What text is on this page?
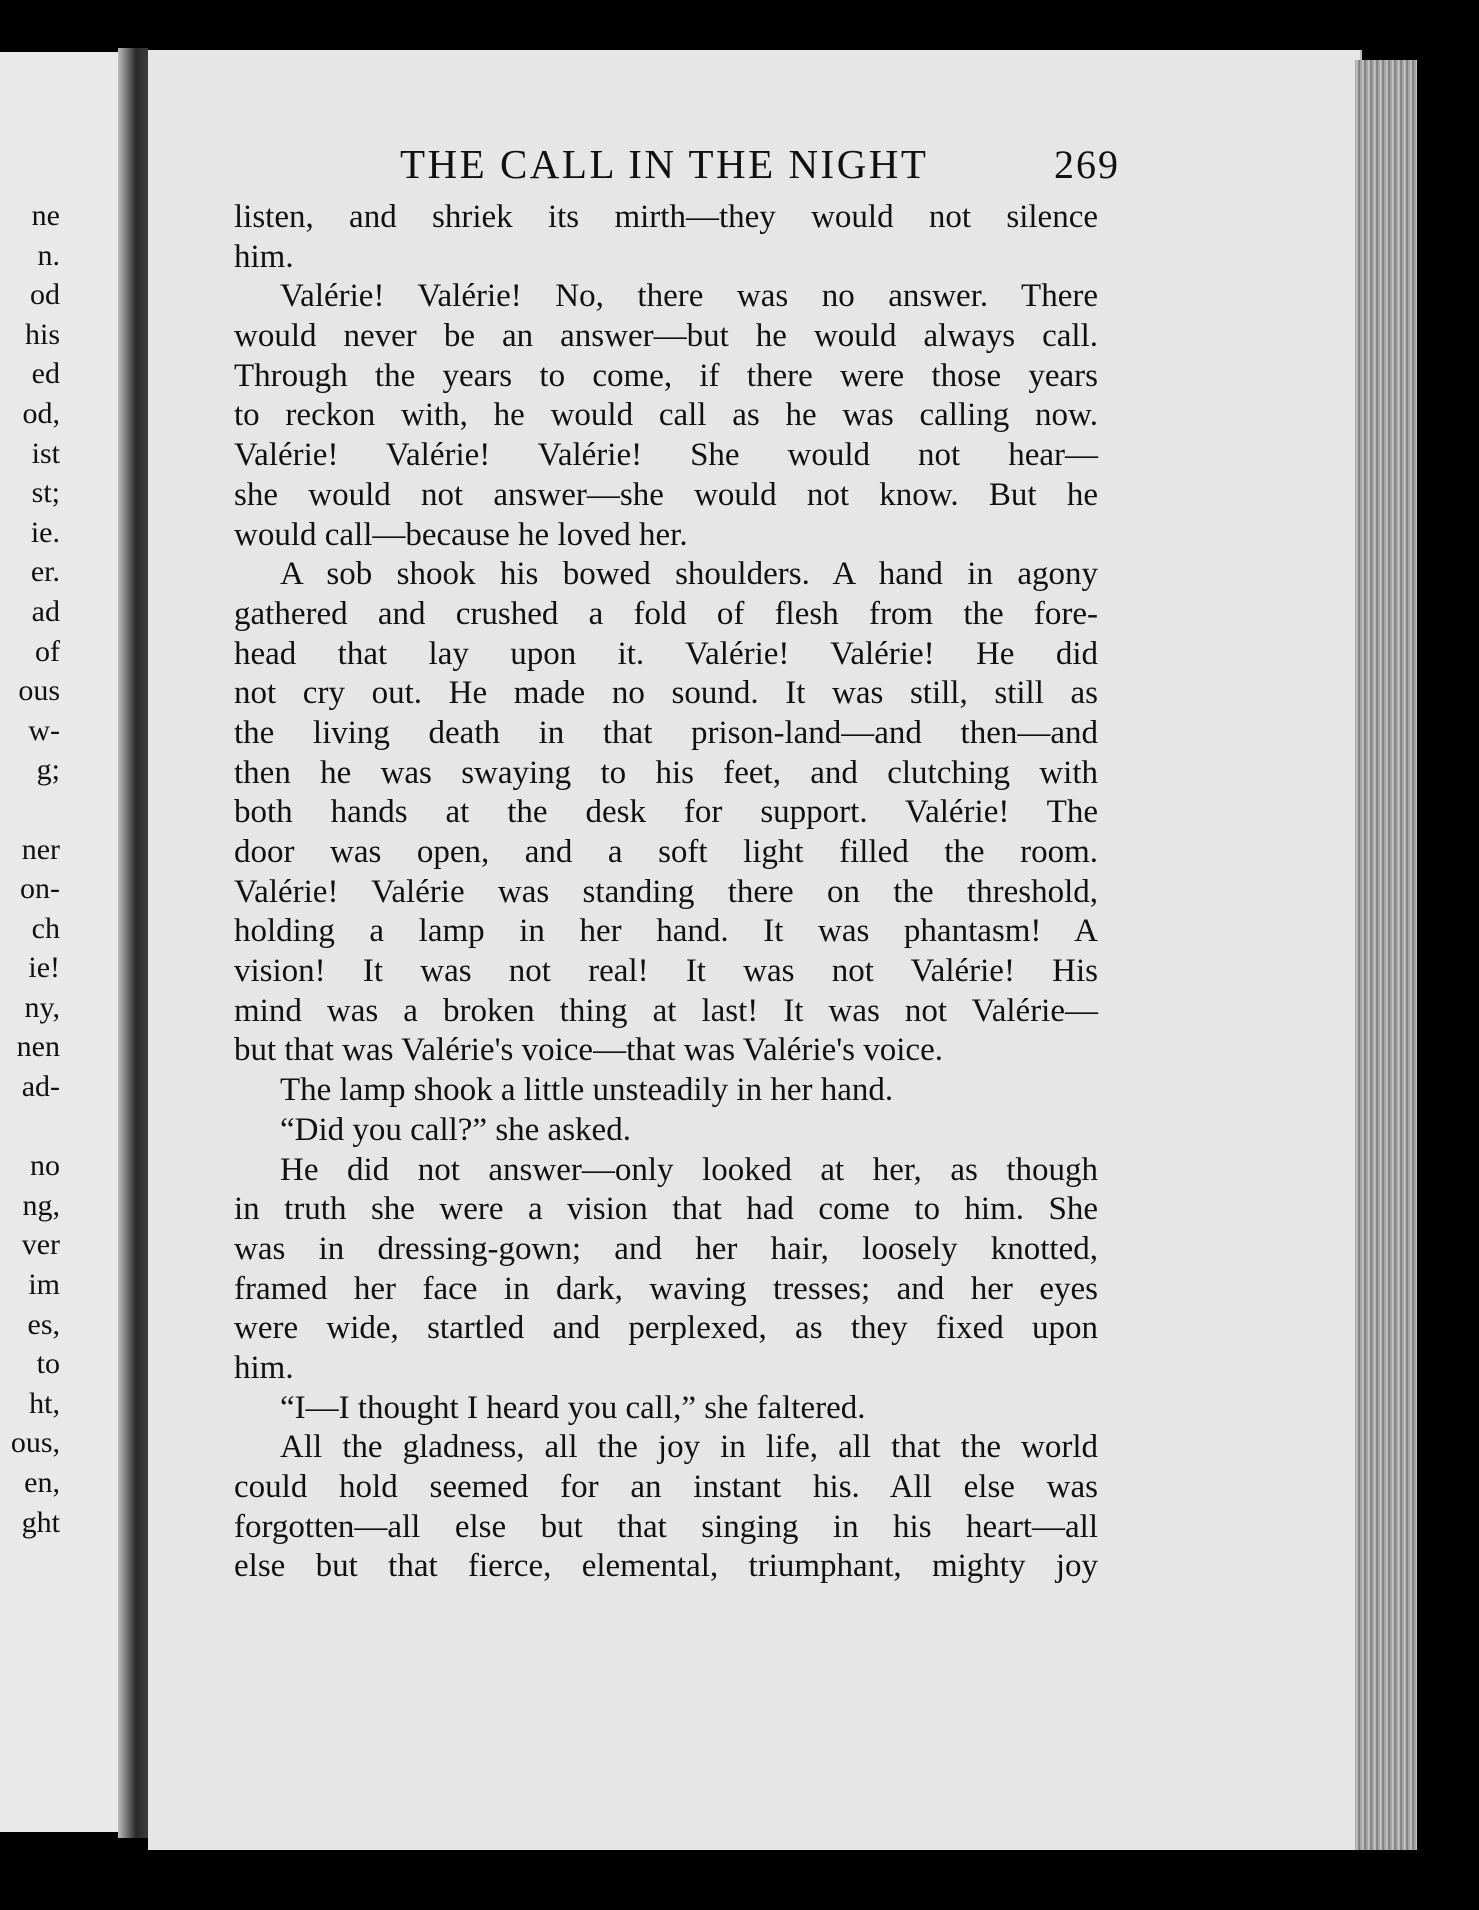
ne
n.
od
his
ed
od,
ist
st;
ie.
er.
ad
of
ous
w-
g;
ner
on-
ch
ie!
ny,
nen
ad-
no
ng,
ver
im
es,
to
ht,
ous,
en,
ght
THE CALL IN THE NIGHT	269
listen, and shriek its mirth—they would not silence
him.
Valérie! Valérie! No, there was no answer. There
would never be an answer—but he would always call.
Through the years to come, if there were those years
to reckon with, he would call as he was calling now.
Valérie! Valérie! Valérie! She would not hear—
she would not answer—she would not know. But he
would call—because he loved her.
A sob shook his bowed shoulders. A hand in agony
gathered and crushed a fold of flesh from the fore-
head that lay upon it. Valérie! Valérie! He did
not cry out. He made no sound. It was still, still as
the living death in that prison-land—and then—and
then he was swaying to his feet, and clutching with
both hands at the desk for support. Valérie! The
door was open, and a soft light filled the room.
Valérie! Valérie was standing there on the threshold,
holding a lamp in her hand. It was phantasm! A
vision! It was not real! It was not Valérie! His
mind was a broken thing at last! It was not Valérie—
but that was Valérie's voice—that was Valérie's voice.
The lamp shook a little unsteadily in her hand.
“Did you call?” she asked.
He did not answer—only looked at her, as though
in truth she were a vision that had come to him. She
was in dressing-gown; and her hair, loosely knotted,
framed her face in dark, waving tresses; and her eyes
were wide, startled and perplexed, as they fixed upon
him.
“I—I thought I heard you call,” she faltered.
All the gladness, all the joy in life, all that the world
could hold seemed for an instant his. All else was
forgotten—all else but that singing in his heart—all
else but that fierce, elemental, triumphant, mighty joy
